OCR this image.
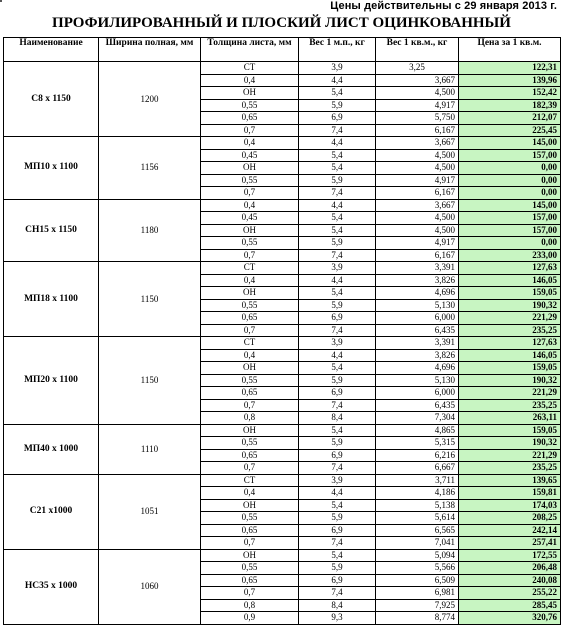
Цены действительны с 29 января 2013 г.
ПРОФИЛИРОВАННЫЙ И ПЛОСКИЙ ЛИСТ ОЦИНКОВАННЫЙ
Наименование	Ширина полная, мм	Толщина листа, мм	Вес 1 м.п., кг	Вес 1 кв.м., кг	Цена за 1 кв.м.
С8 х 1150	1200	СТ	3,9	3,25	122,31
		0,4	4,4	3,667	139,96
		ОН	5,4	4,500	152,42
		0,55	5,9	4,917	182,39
		0,65	6,9	5,750	212,07
		0,7	7,4	6,167	225,45
МП10 х 1100	1156	0,4	4,4	3,667	145,00
		0,45	5,4	4,500	157,00
		ОН	5,4	4,500	0,00
		0,55	5,9	4,917	0,00
		0,7	7,4	6,167	0,00
СН15 х 1150	1180	0,4	4,4	3,667	145,00
		0,45	5,4	4,500	157,00
		ОН	5,4	4,500	157,00
		0,55	5,9	4,917	0,00
		0,7	7,4	6,167	233,00
МП18 х 1100	1150	СТ	3,9	3,391	127,63
		0,4	4,4	3,826	146,05
		ОН	5,4	4,696	159,05
		0,55	5,9	5,130	190,32
		0,65	6,9	6,000	221,29
		0,7	7,4	6,435	235,25
МП20 х 1100	1150	СТ	3,9	3,391	127,63
		0,4	4,4	3,826	146,05
		ОН	5,4	4,696	159,05
		0,55	5,9	5,130	190,32
		0,65	6,9	6,000	221,29
		0,7	7,4	6,435	235,25
		0,8	8,4	7,304	263,11
МП40 х 1000	1110	ОН	5,4	4,865	159,05
		0,55	5,9	5,315	190,32
		0,65	6,9	6,216	221,29
		0,7	7,4	6,667	235,25
С21 х1000	1051	СТ	3,9	3,711	139,65
		0,4	4,4	4,186	159,81
		ОН	5,4	5,138	174,03
		0,55	5,9	5,614	208,25
		0,65	6,9	6,565	242,14
		0,7	7,4	7,041	257,41
НС35 х 1000	1060	ОН	5,4	5,094	172,55
		0,55	5,9	5,566	206,48
		0,65	6,9	6,509	240,08
		0,7	7,4	6,981	255,22
		0,8	8,4	7,925	285,45
		0,9	9,3	8,774	320,76
